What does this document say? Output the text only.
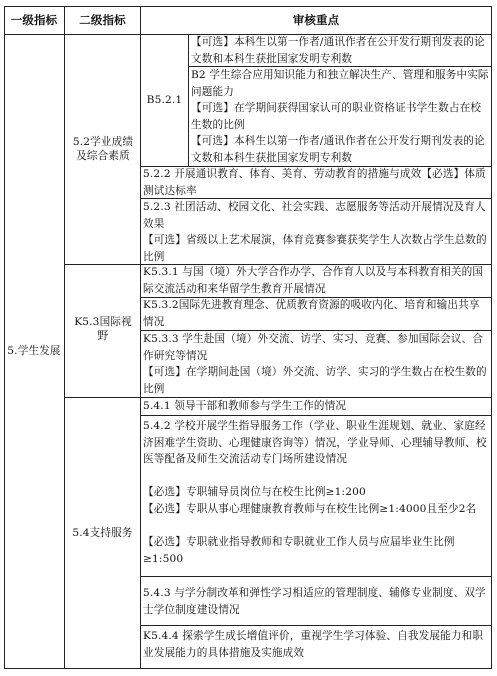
一级指标	二级指标	审核重点
5.学生发展
5.2学业成绩及综合素质
B5.2.1
【可选】本科生以第一作者/通讯作者在公开发行期刊发表的论文数和本科生获批国家发明专利数
B2 学生综合应用知识能力和独立解决生产、管理和服务中实际问题能力
【可选】在学期间获得国家认可的职业资格证书学生数占在校生数的比例
【可选】本科生以第一作者/通讯作者在公开发行期刊发表的论文数和本科生获批国家发明专利数
5.2.2 开展通识教育、体育、美育、劳动教育的措施与成效【必选】体质测试达标率
5.2.3 社团活动、校园文化、社会实践、志愿服务等活动开展情况及育人效果
【可选】省级以上艺术展演，体育竞赛参赛获奖学生人次数占学生总数的比例
K5.3国际视野
K5.3.1 与国（境）外大学合作办学、合作育人以及与本科教育相关的国际交流活动和来华留学生教育开展情况
K5.3.2国际先进教育理念、优质教育资源的吸收内化、培育和输出共享情况
K5.3.3 学生赴国（境）外交流、访学、实习、竞赛、参加国际会议、合作研究等情况
【可选】在学期间赴国（境）外交流、访学、实习的学生数占在校生数的比例
5.4支持服务
5.4.1 领导干部和教师参与学生工作的情况
5.4.2 学校开展学生指导服务工作（学业、职业生涯规划、就业、家庭经济困难学生资助、心理健康咨询等）情况，学业导师、心理辅导教师、校医等配备及师生交流活动专门场所建设情况
【必选】专职辅导员岗位与在校生比例≥1:200
【必选】专职从事心理健康教育教师与在校生比例≥1:4000且至少2名
【必选】专职就业指导教师和专职就业工作人员与应届毕业生比例≥1:500
5.4.3 与学分制改革和弹性学习相适应的管理制度、辅修专业制度、双学士学位制度建设情况
K5.4.4 探索学生成长增值评价，重视学生学习体验、自我发展能力和职业发展能力的具体措施及实施成效
